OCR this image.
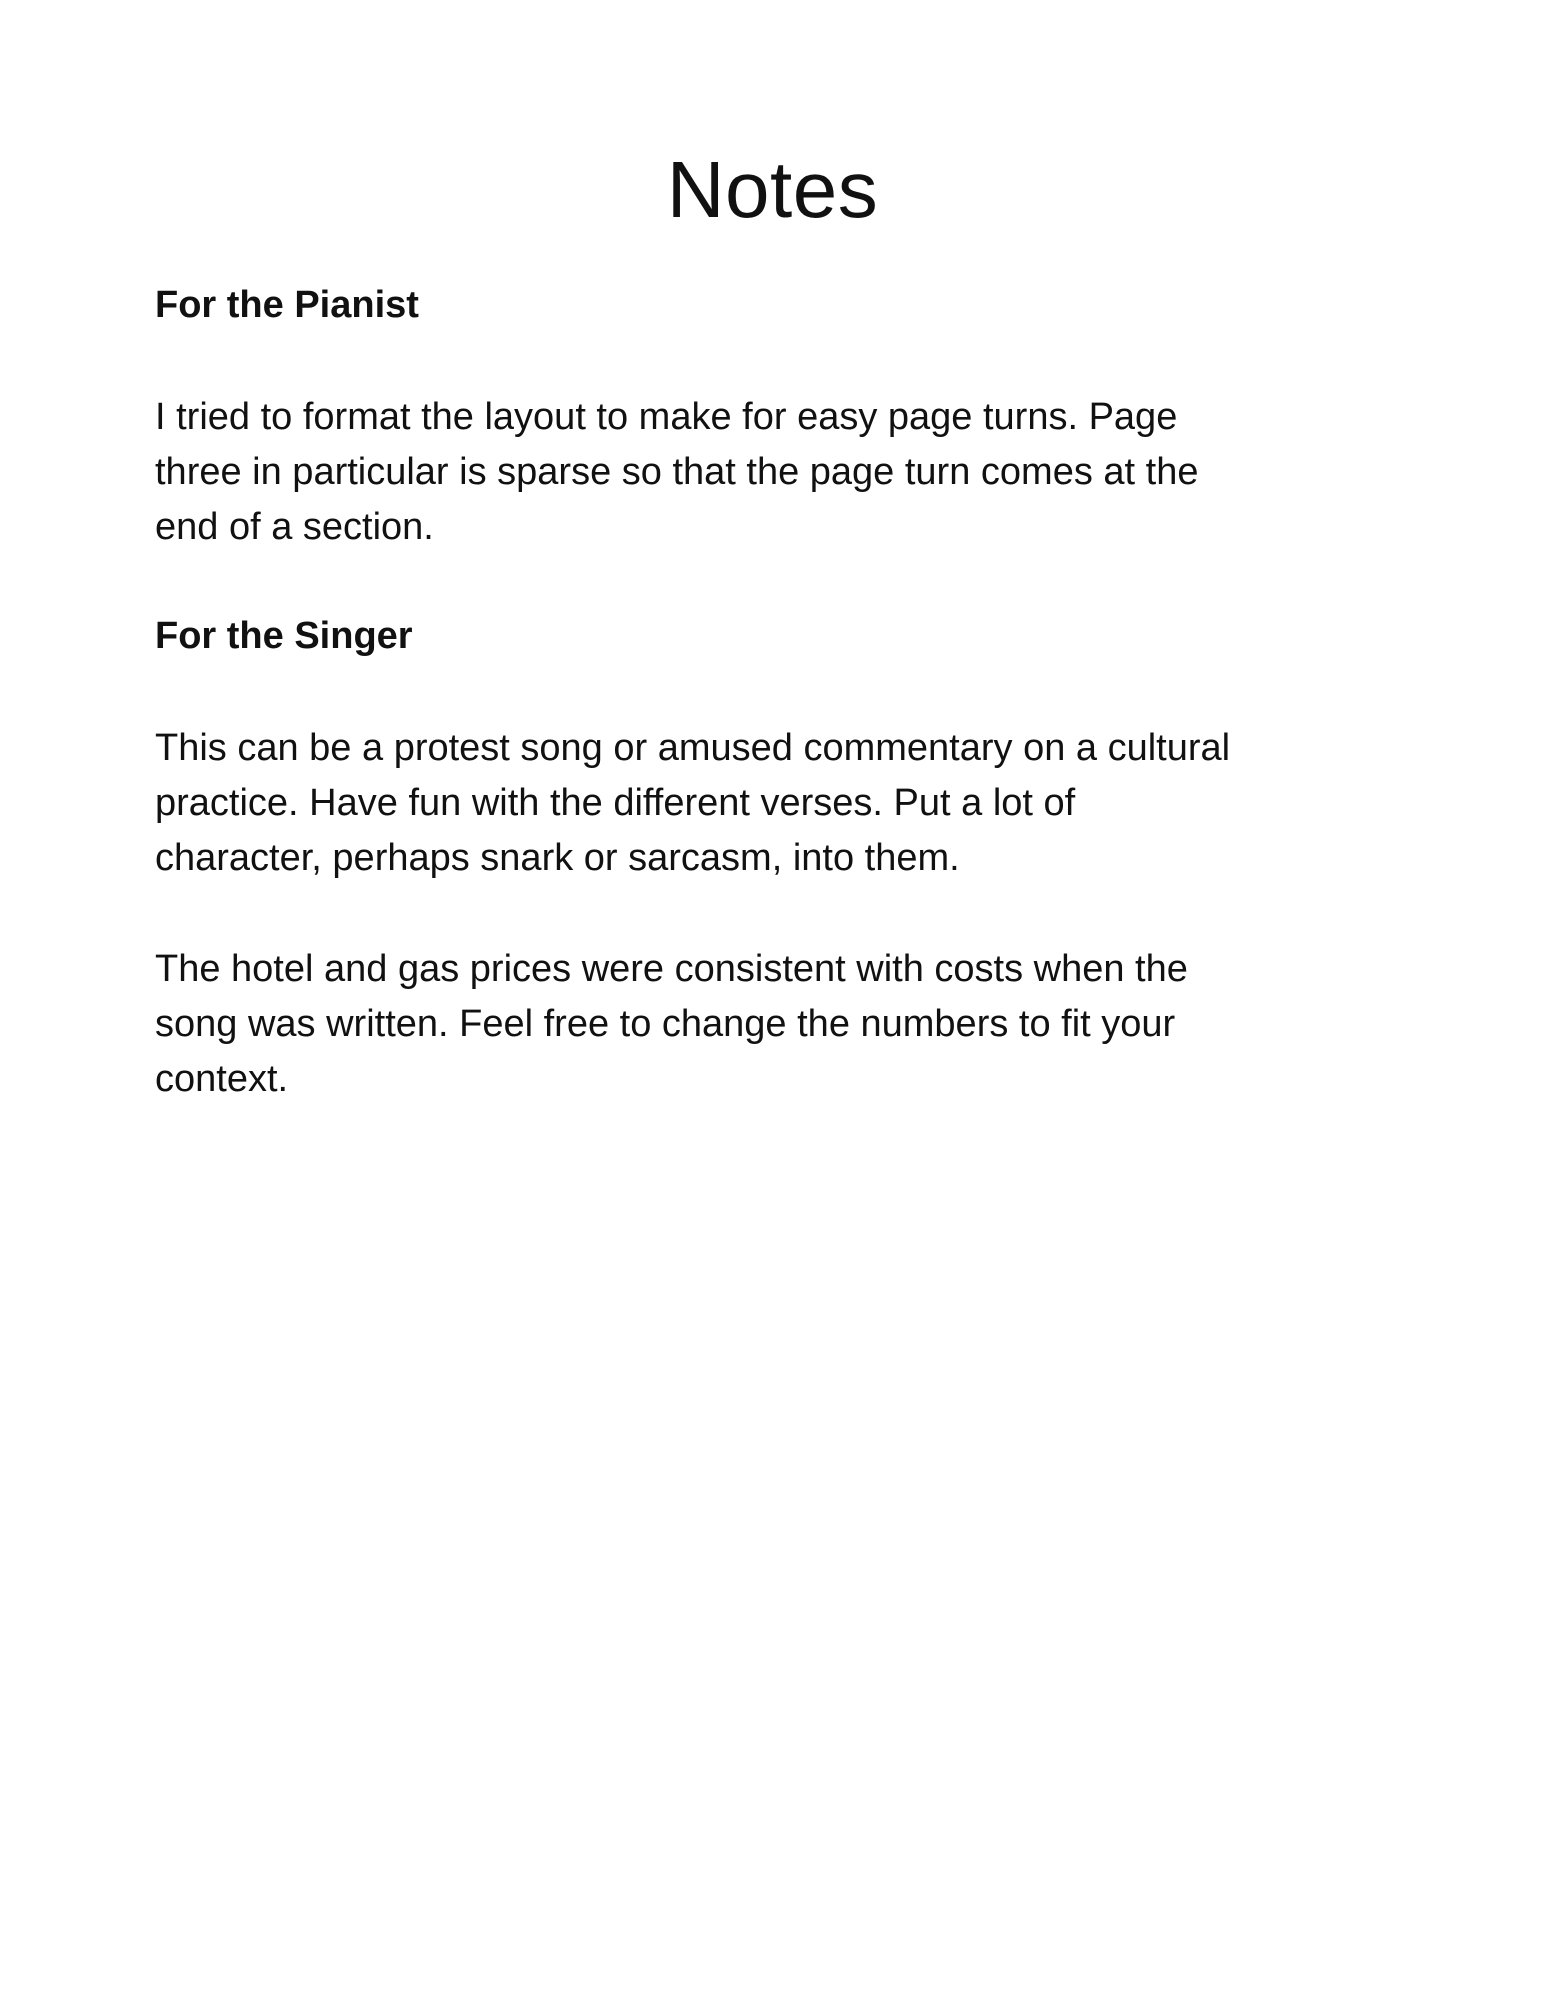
Notes
For the Pianist
I tried to format the layout to make for easy page turns. Page
three in particular is sparse so that the page turn comes at the
end of a section.
For the Singer
This can be a protest song or amused commentary on a cultural
practice. Have fun with the different verses. Put a lot of
character, perhaps snark or sarcasm, into them.
The hotel and gas prices were consistent with costs when the
song was written. Feel free to change the numbers to fit your
context.
